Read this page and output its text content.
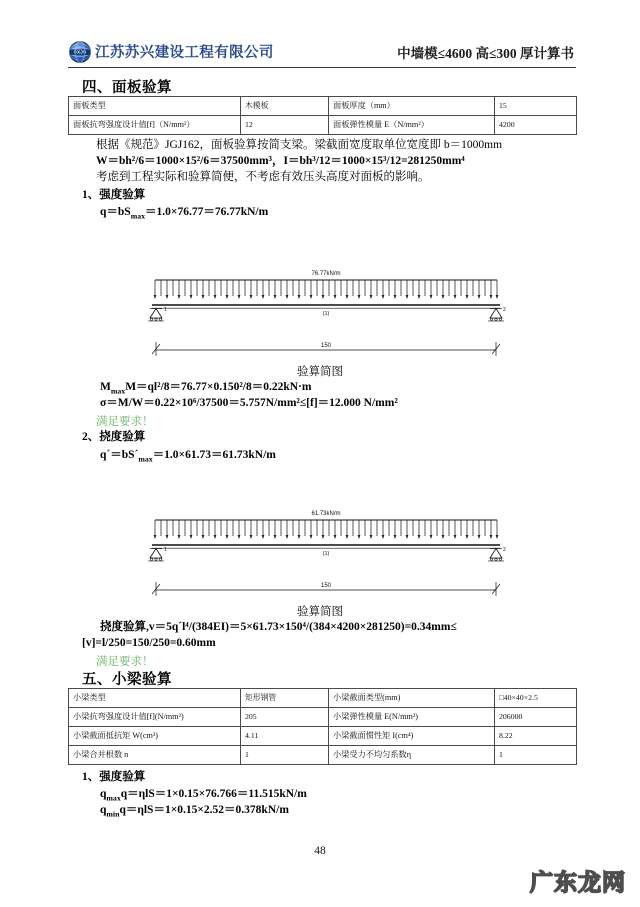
SXJS 江苏苏兴建设工程有限公司	中墙模≤4600 高≤300 厚计算书
四、面板验算
面板类型	木模板	面板厚度（mm）	15
面板抗弯强度设计值[f]（N/mm²）	12	面板弹性模量 E（N/mm²）	4200
根据《规范》JGJ162，面板验算按简支梁。梁截面宽度取单位宽度即 b＝1000mm
W＝bh²/6＝1000×15²/6＝37500mm³，I＝bh³/12＝1000×15³/12=281250mm⁴
考虑到工程实际和验算简便，不考虑有效压头高度对面板的影响。
1、强度验算
$q=bS_{max}=1.0\times 76.77=76.77kN/m$
76.77kN/m
(1)
1	2
150
验算简图
$M_{max}M=ql^2/8=76.77\times 0.150^2/8=0.22kN\cdot m$
σ＝M/W＝0.22×10⁶/37500＝5.757N/mm²≤[f]＝12.000 N/mm²
满足要求！
2、挠度验算
$q´=bS´_{max}=1.0\times 61.73=61.73kN/m$
61.73kN/m
(1)
1	2
150
验算简图
挠度验算,v＝5q´l⁴/(384EI)＝5×61.73×150⁴/(384×4200×281250)=0.34mm≤
[v]=l/250=150/250=0.60mm
满足要求！
五、小梁验算
小梁类型	矩形钢管	小梁截面类型(mm)	□40×40×2.5
小梁抗弯强度设计值[f](N/mm²)	205	小梁弹性模量 E(N/mm²)	206000
小梁截面抵抗矩 W(cm³)	4.11	小梁截面惯性矩 I(cm⁴)	8.22
小梁合并根数 n	1	小梁受力不均匀系数η	1
1、强度验算
$q_{max}q=\eta lS=1\times 0.15\times 76.766=11.515kN/m$
$q_{min}q=\eta lS=1\times 0.15\times 2.52=0.378kN/m$
48
广东龙网
